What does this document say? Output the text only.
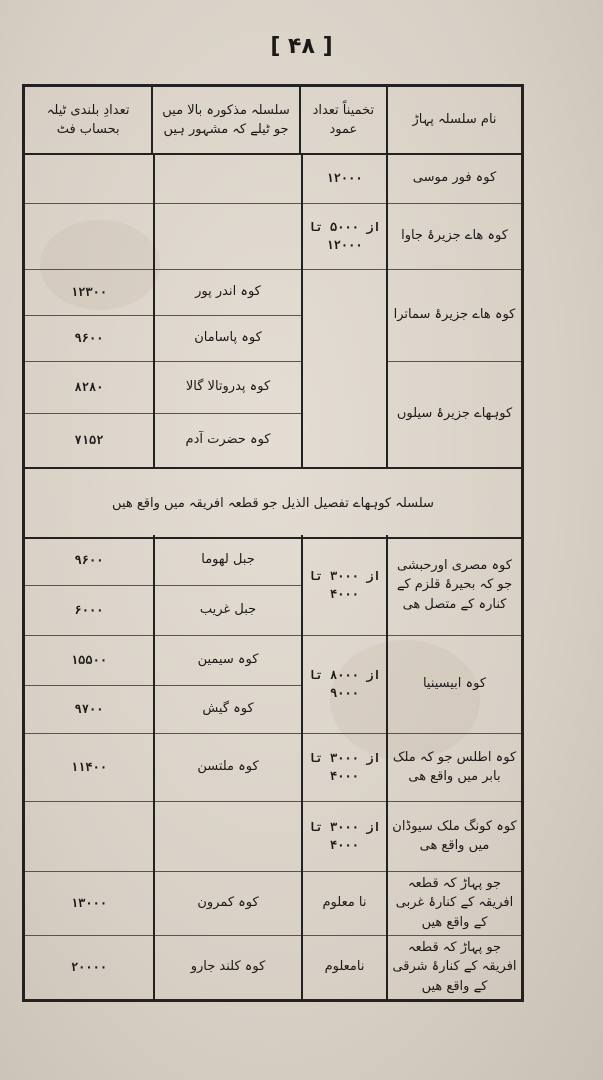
[ ۴۸ ]
نام سلسلہ پہاڑ
تخمیناً تعداد عمود
سلسلہ مذکورہ بالا میں جو ٹیلے کہ مشہور ہیں
تعدادِ بلندی ٹیلہ بحساب فٹ
کوہ فور موسی
کوہ ھاے جزیرۂ جاوا
کوہ ھاے جزیرۂ سماترا
کوہھاے جزیرۂ سیلوں
۱۲۰۰۰
از ۵۰۰۰ تا ۱۲۰۰۰
کوہ اندر پور
کوہ پاسامان
کوہ پدروتالا گالا
کوہ حضرت آدم
۱۲۳۰۰
۹۶۰۰
۸۲۸۰
۷۱۵۲
سلسلہ کوہھاے تفصیل الذیل جو قطعہ افریقہ میں واقع ھیں
کوہ مصری اورحبشی جو کہ بحیرۂ قلزم کے کنارہ کے متصل ھی
کوہ ابیسینیا
کوہ اطلس جو کہ ملک بابر میں واقع ھی
کوہ کونگ ملک سیوڈان میں واقع ھی
جو پہاڑ کہ قطعہ افریقہ کے کنارۂ غربی کے واقع ھیں
جو پہاڑ کہ قطعہ افریقہ کے کنارۂ شرقی کے واقع ھیں
از ۳۰۰۰ تا ۴۰۰۰
از ۸۰۰۰ تا ۹۰۰۰
از ۳۰۰۰ تا ۴۰۰۰
از ۳۰۰۰ تا ۴۰۰۰
نا معلوم
نامعلوم
جبل لھوما
جبل غریب
کوہ سیمین
کوہ گیش
کوہ ملتسن
کوہ کمرون
کوہ کلند جارو
۹۶۰۰
۶۰۰۰
۱۵۵۰۰
۹۷۰۰
۱۱۴۰۰
۱۳۰۰۰
۲۰۰۰۰
